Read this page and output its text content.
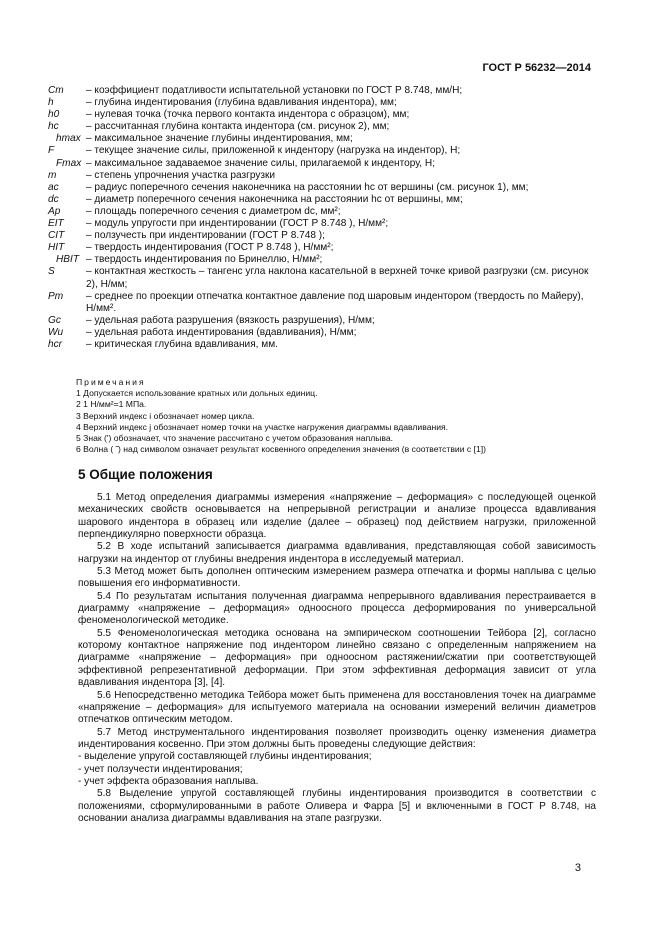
ГОСТ Р 56232—2014
Cm	– коэффициент податливости испытательной установки по ГОСТ Р 8.748, мм/Н;
h	– глубина индентирования (глубина вдавливания индентора), мм;
h0	– нулевая точка (точка первого контакта индентора с образцом), мм;
hc	– рассчитанная глубина контакта индентора (см. рисунок 2), мм;
hmax – максимальное значение глубины индентирования, мм;
F	– текущее значение силы, приложенной к индентору (нагрузка на индентор), Н;
Fmax – максимальное задаваемое значение силы, прилагаемой к индентору, Н;
m	– степень упрочнения участка разгрузки
ac	– радиус поперечного сечения наконечника на расстоянии hc от вершины (см. рисунок 1), мм;
dc	– диаметр поперечного сечения наконечника на расстоянии hc от вершины, мм;
Ap	– площадь поперечного сечения с диаметром dc, мм²;
EIT	– модуль упругости при индентировании (ГОСТ Р 8.748 ), Н/мм²;
CIT	– ползучесть при индентировании (ГОСТ Р 8.748 );
HIT	– твердость индентирования (ГОСТ Р 8.748 ), Н/мм²;
HBIT – твердость индентирования по Бринеллю, Н/мм²;
S	– контактная жесткость – тангенс угла наклона касательной в верхней точке кривой разгрузки (см. рисунок 2), Н/мм;
Pm	– среднее по проекции отпечатка контактное давление под шаровым индентором (твердость по Майеру), Н/мм².
Gc	– удельная работа разрушения (вязкость разрушения), Н/мм;
Wи	– удельная работа индентирования (вдавливания), Н/мм;
hcr	– критическая глубина вдавливания, мм.
Примечания
1 Допускается использование кратных или дольных единиц.
2 1 Н/мм²=1 МПа.
3 Верхний индекс i обозначает номер цикла.
4 Верхний индекс j обозначает номер точки на участке нагружения диаграммы вдавливания.
5 Знак (') обозначает, что значение рассчитано с учетом образования наплыва.
6 Волна ( ̃ ) над символом означает результат косвенного определения значения (в соответствии с [1])
5 Общие положения

5.1 Метод определения диаграммы измерения «напряжение – деформация» с последующей оценкой механических свойств основывается на непрерывной регистрации и анализе процесса вдавливания шарового индентора в образец или изделие (далее – образец) под действием нагрузки, приложенной перпендикулярно поверхности образца.

5.2 В ходе испытаний записывается диаграмма вдавливания, представляющая собой зависимость нагрузки на индентор от глубины внедрения индентора в исследуемый материал.

5.3 Метод может быть дополнен оптическим измерением размера отпечатка и формы наплыва с целью повышения его информативности.

5.4 По результатам испытания полученная диаграмма непрерывного вдавливания перестраивается в диаграмму «напряжение – деформация» одноосного процесса деформирования по универсальной феноменологической методике.

5.5 Феноменологическая методика основана на эмпирическом соотношении Тейбора [2], согласно которому контактное напряжение под индентором линейно связано с определенным напряжением на диаграмме «напряжение – деформация» при одноосном растяжении/сжатии при соответствующей эффективной репрезентативной деформации. При этом эффективная деформация зависит от угла вдавливания индентора [3], [4].

5.6 Непосредственно методика Тейбора может быть применена для восстановления точек на диаграмме «напряжение – деформация» для испытуемого материала на основании измерений величин диаметров отпечатков оптическим методом.

5.7 Метод инструментального индентирования позволяет производить оценку изменения диаметра индентирования косвенно. При этом должны быть проведены следующие действия:

- выделение упругой составляющей глубины индентирования;

- учет ползучести индентирования;

- учет эффекта образования наплыва.

5.8 Выделение упругой составляющей глубины индентирования производится в соответствии с положениями, сформулированными в работе Оливера и Фарра [5] и включенными в ГОСТ Р 8.748, на основании анализа диаграммы вдавливания на этапе разгрузки.

3
